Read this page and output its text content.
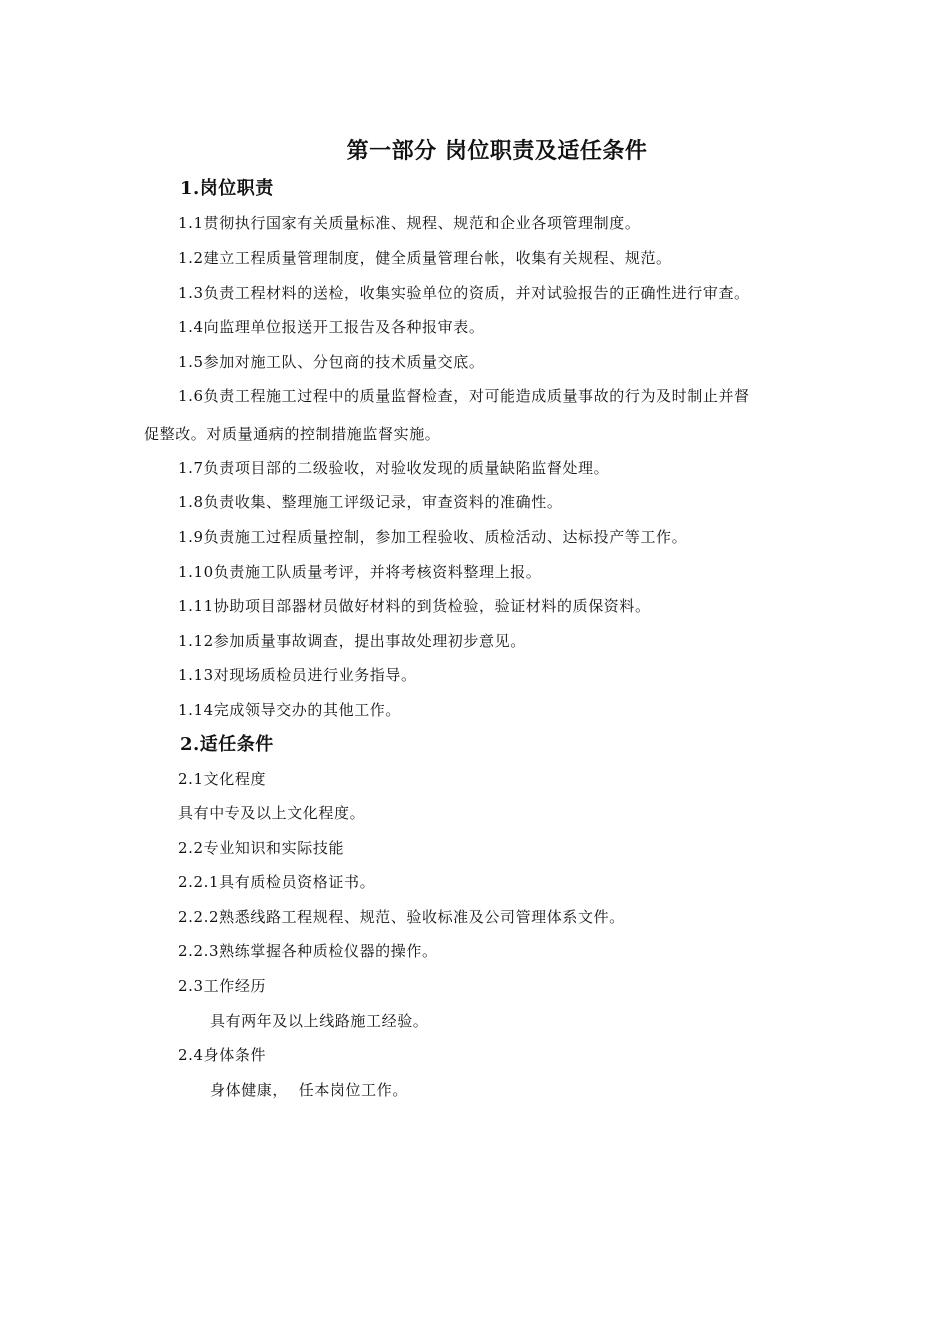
第一部分 岗位职责及适任条件
1.岗位职责
1.1贯彻执行国家有关质量标准、规程、规范和企业各项管理制度。
1.2建立工程质量管理制度，健全质量管理台帐，收集有关规程、规范。
1.3负责工程材料的送检，收集实验单位的资质，并对试验报告的正确性进行审查。
1.4向监理单位报送开工报告及各种报审表。
1.5参加对施工队、分包商的技术质量交底。
1.6负责工程施工过程中的质量监督检查，对可能造成质量事故的行为及时制止并督
促整改。对质量通病的控制措施监督实施。
1.7负责项目部的二级验收，对验收发现的质量缺陷监督处理。
1.8负责收集、整理施工评级记录，审查资料的准确性。
1.9负责施工过程质量控制，参加工程验收、质检活动、达标投产等工作。
1.10负责施工队质量考评，并将考核资料整理上报。
1.11协助项目部器材员做好材料的到货检验，验证材料的质保资料。
1.12参加质量事故调查，提出事故处理初步意见。
1.13对现场质检员进行业务指导。
1.14完成领导交办的其他工作。
2.适任条件
2.1文化程度
具有中专及以上文化程度。
2.2专业知识和实际技能
2.2.1具有质检员资格证书。
2.2.2熟悉线路工程规程、规范、验收标准及公司管理体系文件。
2.2.3熟练掌握各种质检仪器的操作。
2.3工作经历
具有两年及以上线路施工经验。
2.4身体条件
身体健康，  任本岗位工作。
